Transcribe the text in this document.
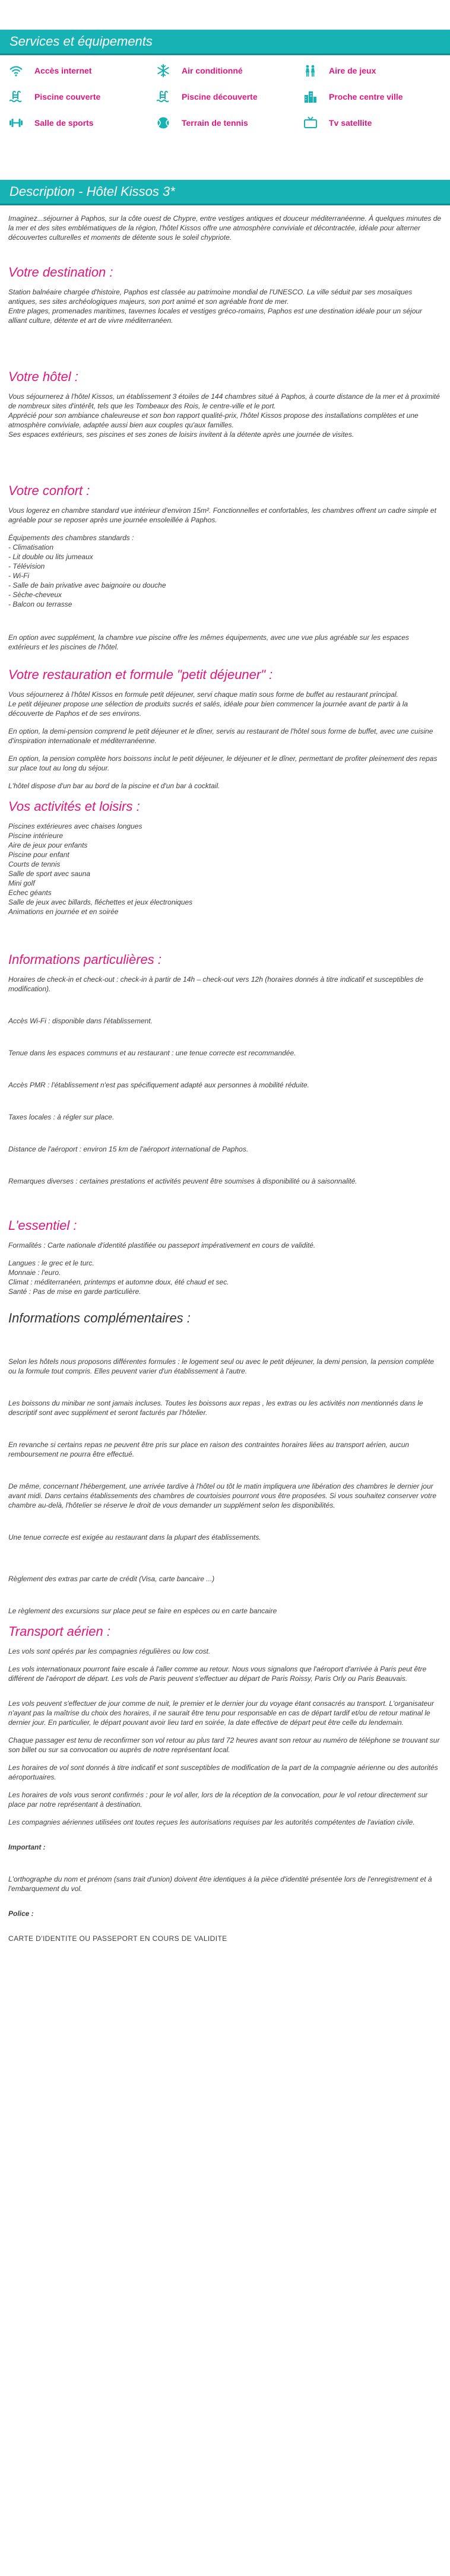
Services et équipements
Accès internet	Air conditionné	Aire de jeux
Piscine couverte	Piscine découverte	Proche centre ville
Salle de sports	Terrain de tennis	Tv satellite
Description - Hôtel Kissos 3*

Imaginez...séjourner à Paphos, sur la côte ouest de Chypre, entre vestiges antiques et douceur méditerranéenne. À quelques minutes de la mer et des sites emblématiques de la région, l'hôtel Kissos offre une atmosphère conviviale et décontractée, idéale pour alterner découvertes culturelles et moments de détente sous le soleil chypriote.

Votre destination :

Station balnéaire chargée d'histoire, Paphos est classée au patrimoine mondial de l'UNESCO. La ville séduit par ses mosaïques antiques, ses sites archéologiques majeurs, son port animé et son agréable front de mer.

Entre plages, promenades maritimes, tavernes locales et vestiges gréco-romains, Paphos est une destination idéale pour un séjour alliant culture, détente et art de vivre méditerranéen.

Votre hôtel :

Vous séjournerez à l'hôtel Kissos, un établissement 3 étoiles de 144 chambres situé à Paphos, à courte distance de la mer et à proximité de nombreux sites d'intérêt, tels que les Tombeaux des Rois, le centre-ville et le port.

Apprécié pour son ambiance chaleureuse et son bon rapport qualité-prix, l'hôtel Kissos propose des installations complètes et une atmosphère conviviale, adaptée aussi bien aux couples qu'aux familles.

Ses espaces extérieurs, ses piscines et ses zones de loisirs invitent à la détente après une journée de visites.

Votre confort :

Vous logerez en chambre standard vue intérieur d'environ 15m². Fonctionnelles et confortables, les chambres offrent un cadre simple et agréable pour se reposer après une journée ensoleillée à Paphos.

Équipements des chambres standards :

- Climatisation

- Lit double ou lits jumeaux

- Télévision

- Wi-Fi

- Salle de bain privative avec baignoire ou douche

- Sèche-cheveux

- Balcon ou terrasse

En option avec supplément, la chambre vue piscine offre les mêmes équipements, avec une vue plus agréable sur les espaces extérieurs et les piscines de l'hôtel.

Votre restauration et formule "petit déjeuner" :

Vous séjournerez à l'hôtel Kissos en formule petit déjeuner, servi chaque matin sous forme de buffet au restaurant principal.

Le petit déjeuner propose une sélection de produits sucrés et salés, idéale pour bien commencer la journée avant de partir à la découverte de Paphos et de ses environs.

En option, la demi-pension comprend le petit déjeuner et le dîner, servis au restaurant de l'hôtel sous forme de buffet, avec une cuisine d'inspiration internationale et méditerranéenne.

En option, la pension complète hors boissons inclut le petit déjeuner, le déjeuner et le dîner, permettant de profiter pleinement des repas sur place tout au long du séjour.

L'hôtel dispose d'un bar au bord de la piscine et d'un bar à cocktail.

Vos activités et loisirs :

Piscines extérieures avec chaises longues

Piscine intérieure

Aire de jeux pour enfants

Piscine pour enfant

Courts de tennis

Salle de sport avec sauna

Mini golf

Echec géants

Salle de jeux avec billards, fléchettes et jeux électroniques

Animations en journée et en soirée

Informations particulières :

Horaires de check-in et check-out : check-in à partir de 14h – check-out vers 12h (horaires donnés à titre indicatif et susceptibles de modification).

Accès Wi-Fi : disponible dans l'établissement.

Tenue dans les espaces communs et au restaurant : une tenue correcte est recommandée.

Accès PMR : l'établissement n'est pas spécifiquement adapté aux personnes à mobilité réduite.

Taxes locales : à régler sur place.

Distance de l'aéroport : environ 15 km de l'aéroport international de Paphos.

Remarques diverses : certaines prestations et activités peuvent être soumises à disponibilité ou à saisonnalité.

L'essentiel :

Formalités : Carte nationale d'identité plastifiée ou passeport impérativement en cours de validité.

Langues : le grec et le turc.

Monnaie : l'euro.

Climat : méditerranéen, printemps et automne doux, été chaud et sec.

Santé : Pas de mise en garde particulière.

Informations complémentaires :

Selon les hôtels nous proposons différentes formules : le logement seul ou avec le petit déjeuner, la demi pension, la pension complète ou la formule tout compris. Elles peuvent varier d'un établissement à l'autre.

Les boissons du minibar ne sont jamais incluses. Toutes les boissons aux repas , les extras ou les activités non mentionnés dans le descriptif sont avec supplément et seront facturés par l'hôtelier.

En revanche si certains repas ne peuvent être pris sur place en raison des contraintes horaires liées au transport aérien, aucun remboursement ne pourra être effectué.

De même, concernant l'hébergement, une arrivée tardive à l'hôtel ou tôt le matin impliquera une libération des chambres le dernier jour avant midi. Dans certains établissements des chambres de courtoisies pourront vous être proposées. Si vous souhaitez conserver votre chambre au-delà, l'hôtelier se réserve le droit de vous demander un supplément selon les disponibilités.

Une tenue correcte est exigée au restaurant dans la plupart des établissements.

Règlement des extras par carte de crédit (Visa, carte bancaire ...)

Le règlement des excursions sur place peut se faire en espèces ou en carte bancaire

Transport aérien :

Les vols sont opérés par les compagnies régulières ou low cost.

Les vols internationaux pourront faire escale à l'aller comme au retour. Nous vous signalons que l'aéroport d'arrivée à Paris peut être différent de l'aéroport de départ. Les vols de Paris peuvent s'effectuer au départ de Paris Roissy, Paris Orly ou Paris Beauvais.

Les vols peuvent s'effectuer de jour comme de nuit, le premier et le dernier jour du voyage étant consacrés au transport. L'organisateur n'ayant pas la maîtrise du choix des horaires, il ne saurait être tenu pour responsable en cas de départ tardif et/ou de retour matinal le dernier jour. En particulier, le départ pouvant avoir lieu tard en soirée, la date effective de départ peut être celle du lendemain.

Chaque passager est tenu de reconfirmer son vol retour au plus tard 72 heures avant son retour au numéro de téléphone se trouvant sur son billet ou sur sa convocation ou auprès de notre représentant local.

Les horaires de vol sont donnés à titre indicatif et sont susceptibles de modification de la part de la compagnie aérienne ou des autorités aéroportuaires.

Les horaires de vols vous seront confirmés : pour le vol aller, lors de la réception de la convocation, pour le vol retour directement sur place par notre représentant à destination.

Les compagnies aériennes utilisées ont toutes reçues les autorisations requises par les autorités compétentes de l'aviation civile.

Important :

L'orthographe du nom et prénom (sans trait d'union) doivent être identiques à la pièce d'identité présentée lors de l'enregistrement et à l'embarquement du vol.

Police :

CARTE D'IDENTITE OU PASSEPORT EN COURS DE VALIDITE
